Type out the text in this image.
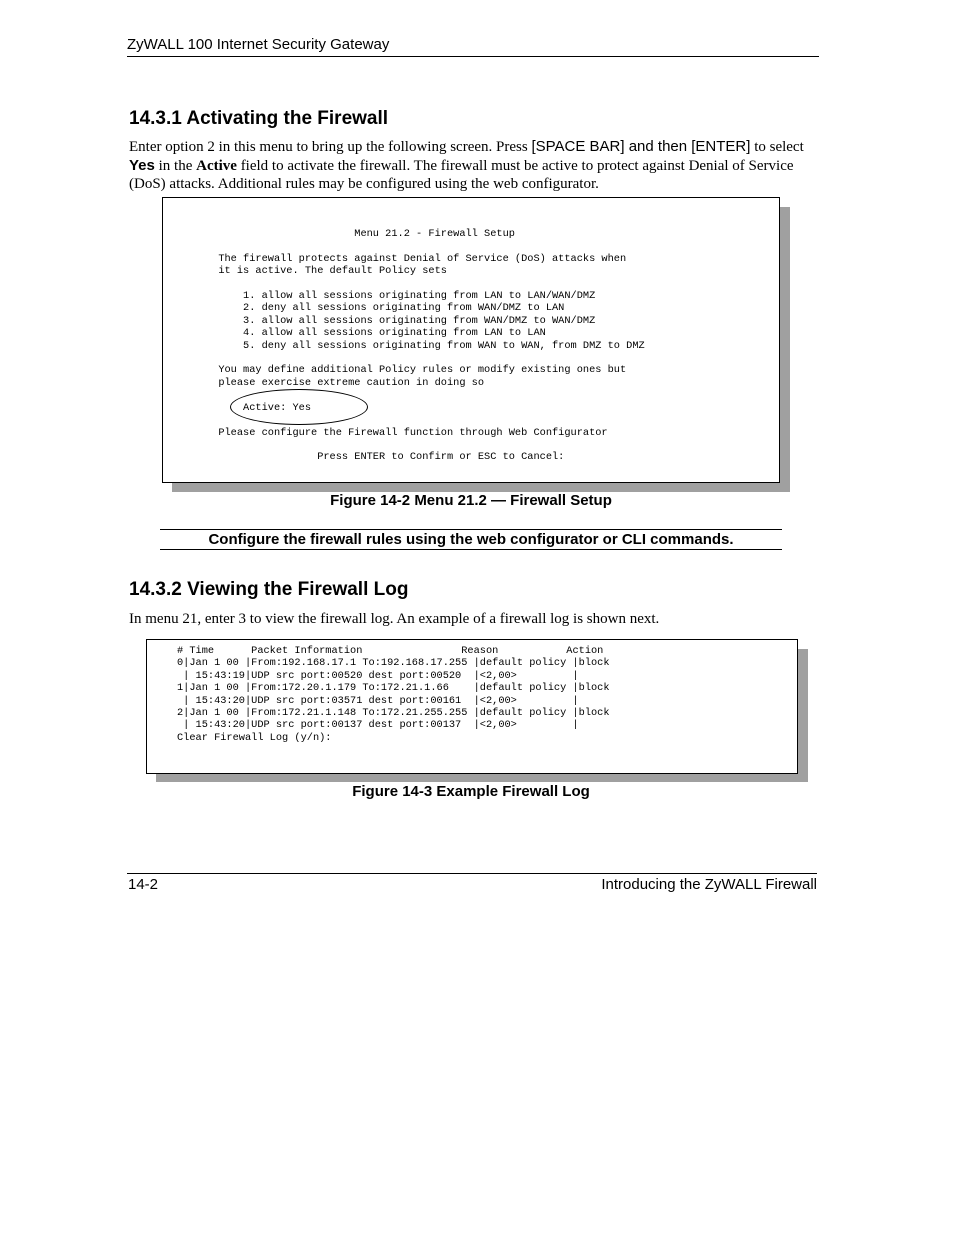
ZyWALL 100 Internet Security Gateway
14.3.1 Activating the Firewall

Enter option 2 in this menu to bring up the following screen. Press [SPACE BAR] and then [ENTER] to select Yes in the Active field to activate the firewall. The firewall must be active to protect against Denial of Service (DoS) attacks. Additional rules may be configured using the web configurator.

Menu 21.2 - Firewall Setup

The firewall protects against Denial of Service (DoS) attacks when
it is active. The default Policy sets

1. allow all sessions originating from LAN to LAN/WAN/DMZ
2. deny all sessions originating from WAN/DMZ to LAN
3. allow all sessions originating from WAN/DMZ to WAN/DMZ
4. allow all sessions originating from LAN to LAN
5. deny all sessions originating from WAN to WAN, from DMZ to DMZ

You may define additional Policy rules or modify existing ones but
please exercise extreme caution in doing so

Active: Yes

Please configure the Firewall function through Web Configurator

Press ENTER to Confirm or ESC to Cancel:

Figure 14-2 Menu 21.2 — Firewall Setup
Configure the firewall rules using the web configurator or CLI commands.
14.3.2 Viewing the Firewall Log

In menu 21, enter 3 to view the firewall log. An example of a firewall log is shown next.

# Time      Packet Information                Reason           Action
0|Jan 1 00 |From:192.168.17.1 To:192.168.17.255 |default policy |block
| 15:43:19|UDP src port:00520 dest port:00520  |<2,00>         |
1|Jan 1 00 |From:172.20.1.179 To:172.21.1.66    |default policy |block
| 15:43:20|UDP src port:03571 dest port:00161  |<2,00>         |
2|Jan 1 00 |From:172.21.1.148 To:172.21.255.255 |default policy |block
| 15:43:20|UDP src port:00137 dest port:00137  |<2,00>         |
Clear Firewall Log (y/n):

Figure 14-3 Example Firewall Log
14-2	Introducing the ZyWALL Firewall
